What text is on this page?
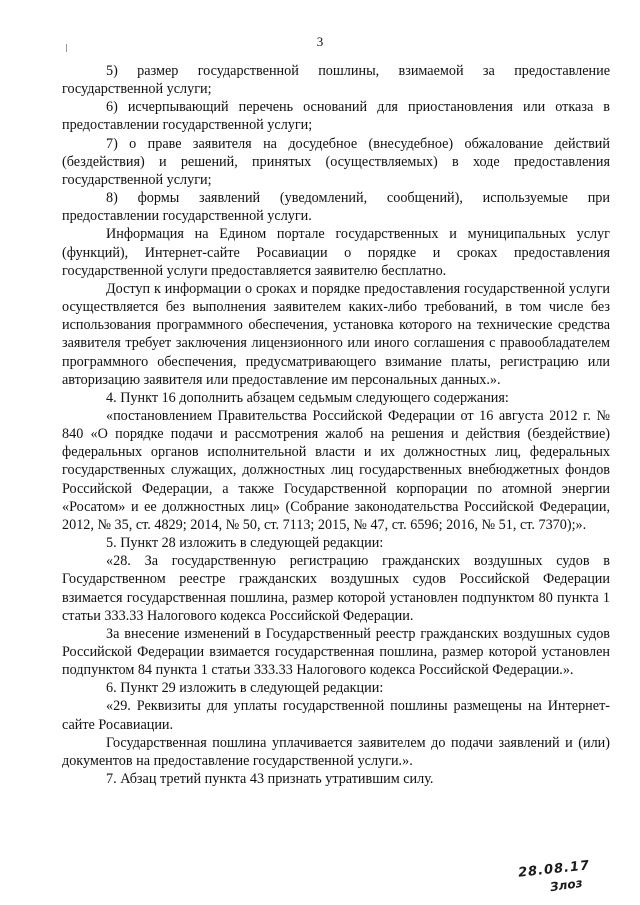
3

5) размер государственной пошлины, взимаемой за предоставление государственной услуги;

6) исчерпывающий перечень оснований для приостановления или отказа в предоставлении государственной услуги;

7) о праве заявителя на досудебное (внесудебное) обжалование действий (бездействия) и решений, принятых (осуществляемых) в ходе предоставления государственной услуги;

8) формы заявлений (уведомлений, сообщений), используемые при предоставлении государственной услуги.

Информация на Едином портале государственных и муниципальных услуг (функций), Интернет-сайте Росавиации о порядке и сроках предоставления государственной услуги предоставляется заявителю бесплатно.

Доступ к информации о сроках и порядке предоставления государственной услуги осуществляется без выполнения заявителем каких-либо требований, в том числе без использования программного обеспечения, установка которого на технические средства заявителя требует заключения лицензионного или иного соглашения с правообладателем программного обеспечения, предусматривающего взимание платы, регистрацию или авторизацию заявителя или предоставление им персональных данных.».

4. Пункт 16 дополнить абзацем седьмым следующего содержания:

«постановлением Правительства Российской Федерации от 16 августа 2012 г. № 840 «О порядке подачи и рассмотрения жалоб на решения и действия (бездействие) федеральных органов исполнительной власти и их должностных лиц, федеральных государственных служащих, должностных лиц государственных внебюджетных фондов Российской Федерации, а также Государственной корпорации по атомной энергии «Росатом» и ее должностных лиц» (Собрание законодательства Российской Федерации, 2012, № 35, ст. 4829; 2014, № 50, ст. 7113; 2015, № 47, ст. 6596; 2016, № 51, ст. 7370);».

5. Пункт 28 изложить в следующей редакции:

«28. За государственную регистрацию гражданских воздушных судов в Государственном реестре гражданских воздушных судов Российской Федерации взимается государственная пошлина, размер которой установлен подпунктом 80 пункта 1 статьи 333.33 Налогового кодекса Российской Федерации.

За внесение изменений в Государственный реестр гражданских воздушных судов Российской Федерации взимается государственная пошлина, размер которой установлен подпунктом 84 пункта 1 статьи 333.33 Налогового кодекса Российской Федерации.».

6. Пункт 29 изложить в следующей редакции:

«29. Реквизиты для уплаты государственной пошлины размещены на Интернет-сайте Росавиации.

Государственная пошлина уплачивается заявителем до подачи заявлений и (или) документов на предоставление государственной услуги.».

7. Абзац третий пункта 43 признать утратившим силу.

28.08.17
Злоз
